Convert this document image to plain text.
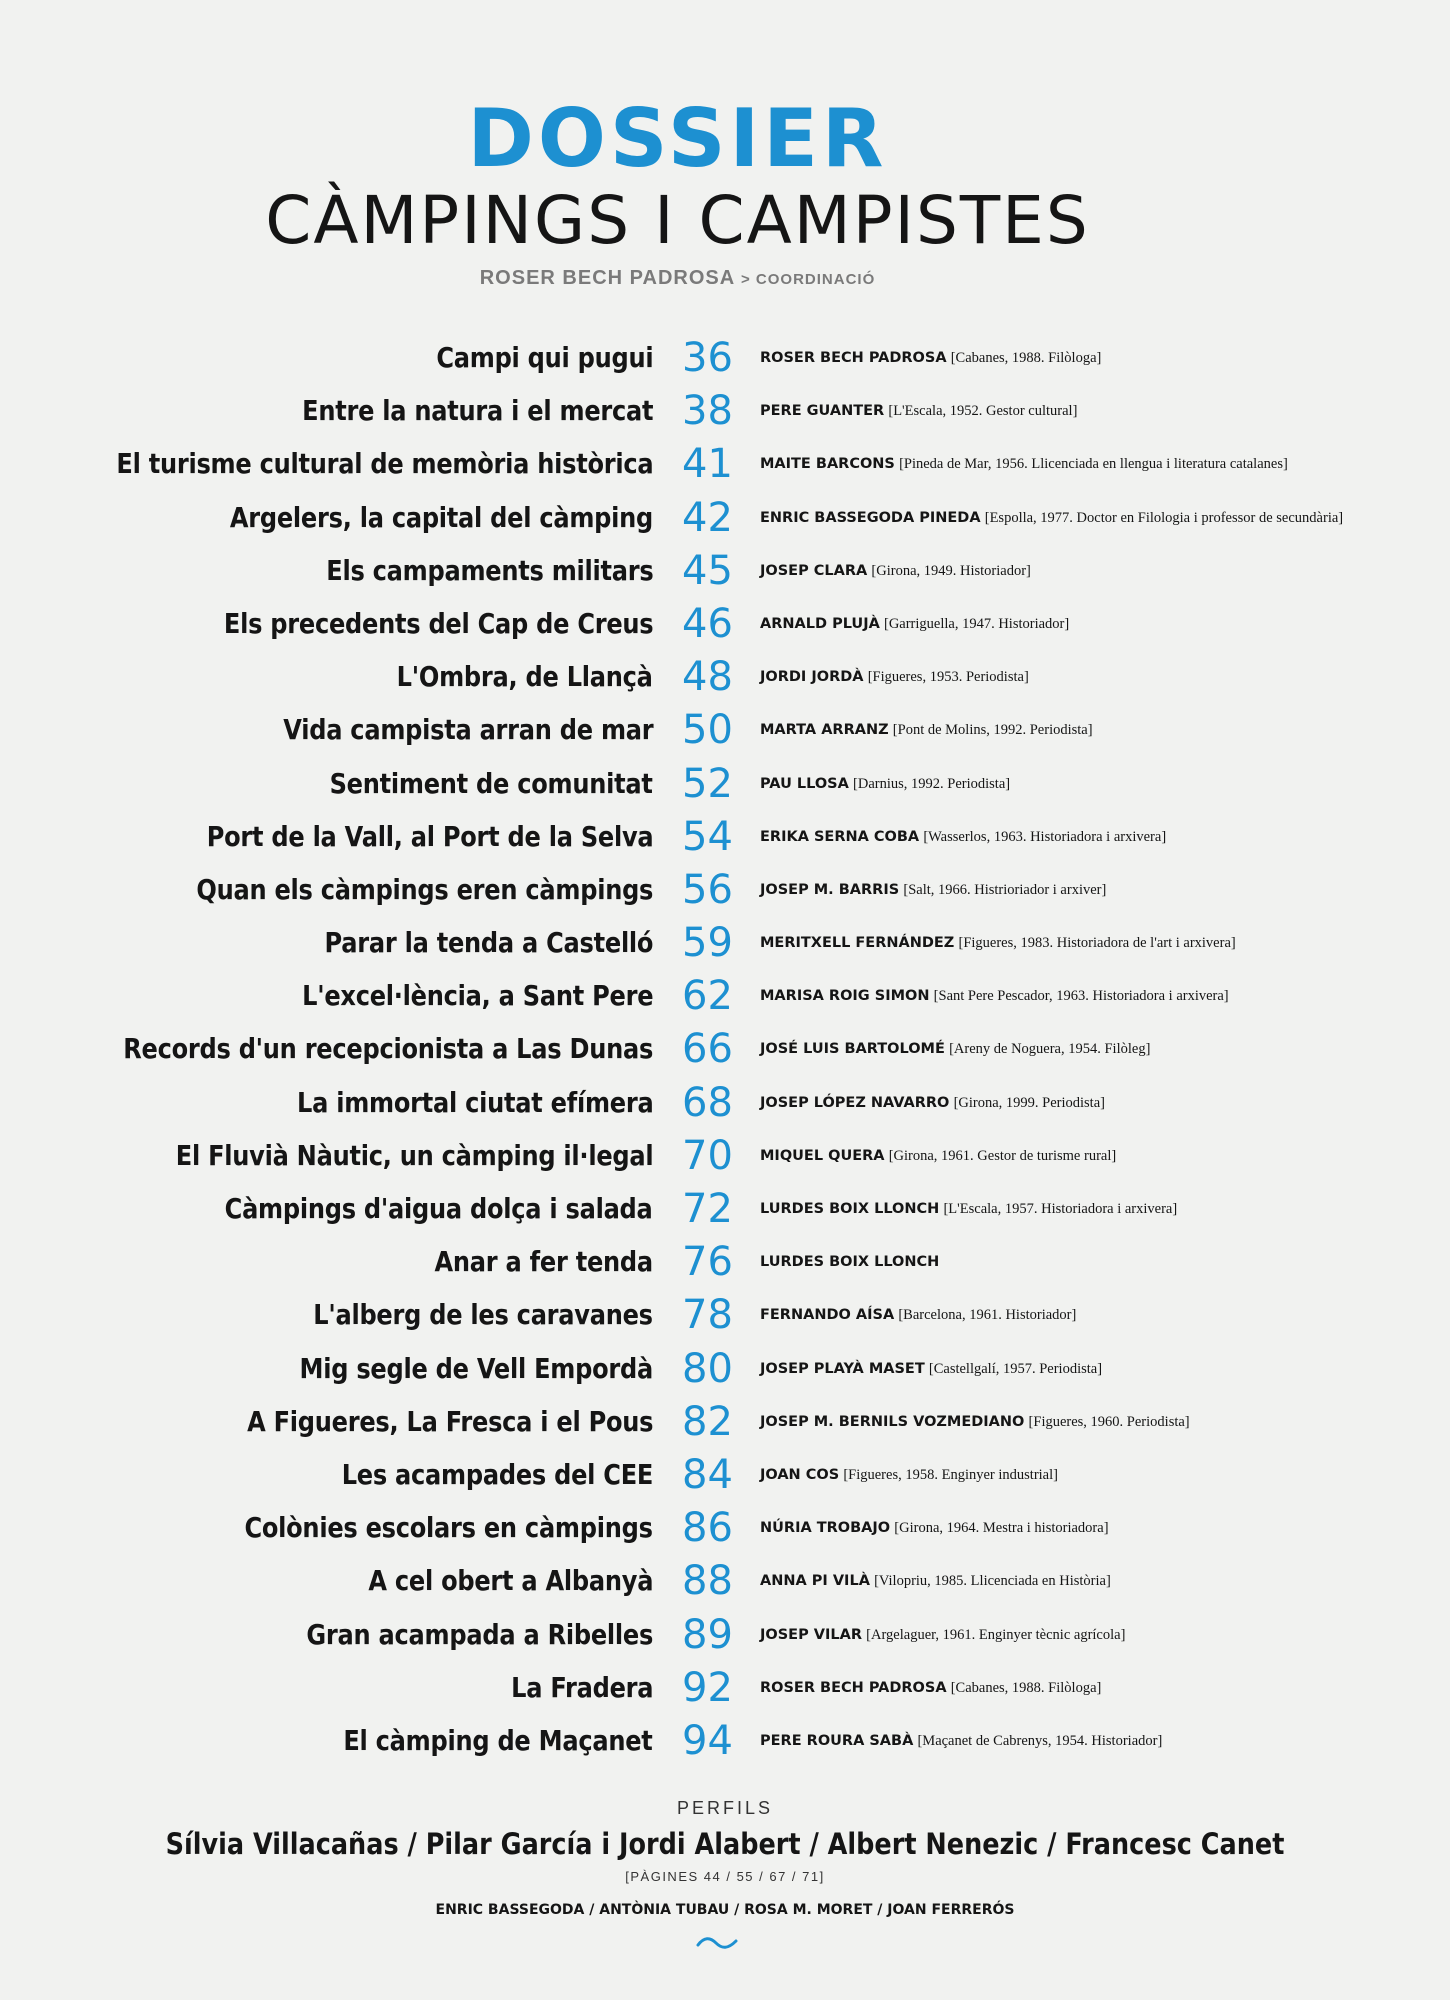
DOSSIER
CÀMPINGS I CAMPISTES
ROSER BECH PADROSA > COORDINACIÓ
Campi qui pugui 36	ROSER BECH PADROSA [Cabanes, 1988. Filòloga]
Entre la natura i el mercat 38	PERE GUANTER [L'Escala, 1952. Gestor cultural]
El turisme cultural de memòria històrica 41	MAITE BARCONS [Pineda de Mar, 1956. Llicenciada en llengua i literatura catalanes]
Argelers, la capital del càmping 42	ENRIC BASSEGODA PINEDA [Espolla, 1977. Doctor en Filologia i professor de secundària]
Els campaments militars 45	JOSEP CLARA [Girona, 1949. Historiador]
Els precedents del Cap de Creus 46	ARNALD PLUJÀ [Garriguella, 1947. Historiador]
L'Ombra, de Llançà 48	JORDI JORDÀ [Figueres, 1953. Periodista]
Vida campista arran de mar 50	MARTA ARRANZ [Pont de Molins, 1992. Periodista]
Sentiment de comunitat 52	PAU LLOSA [Darnius, 1992. Periodista]
Port de la Vall, al Port de la Selva 54	ERIKA SERNA COBA [Wasserlos, 1963. Historiadora i arxivera]
Quan els càmpings eren càmpings 56	JOSEP M. BARRIS [Salt, 1966. Histrioriador i arxiver]
Parar la tenda a Castelló 59	MERITXELL FERNÁNDEZ [Figueres, 1983. Historiadora de l'art i arxivera]
L'excel·lència, a Sant Pere 62	MARISA ROIG SIMON [Sant Pere Pescador, 1963. Historiadora i arxivera]
Records d'un recepcionista a Las Dunas 66	JOSÉ LUIS BARTOLOMÉ [Areny de Noguera, 1954. Filòleg]
La immortal ciutat efímera 68	JOSEP LÓPEZ NAVARRO [Girona, 1999. Periodista]
El Fluvià Nàutic, un càmping il·legal 70	MIQUEL QUERA [Girona, 1961. Gestor de turisme rural]
Càmpings d'aigua dolça i salada 72	LURDES BOIX LLONCH [L'Escala, 1957. Historiadora i arxivera]
Anar a fer tenda 76	LURDES BOIX LLONCH
L'alberg de les caravanes 78	FERNANDO AÍSA [Barcelona, 1961. Historiador]
Mig segle de Vell Empordà 80	JOSEP PLAYÀ MASET [Castellgalí, 1957. Periodista]
A Figueres, La Fresca i el Pous 82	JOSEP M. BERNILS VOZMEDIANO [Figueres, 1960. Periodista]
Les acampades del CEE 84	JOAN COS [Figueres, 1958. Enginyer industrial]
Colònies escolars en càmpings 86	NÚRIA TROBAJO [Girona, 1964. Mestra i historiadora]
A cel obert a Albanyà 88	ANNA PI VILÀ [Vilopriu, 1985. Llicenciada en Història]
Gran acampada a Ribelles 89	JOSEP VILAR [Argelaguer, 1961. Enginyer tècnic agrícola]
La Fradera 92	ROSER BECH PADROSA [Cabanes, 1988. Filòloga]
El càmping de Maçanet 94	PERE ROURA SABÀ [Maçanet de Cabrenys, 1954. Historiador]
PERFILS
Sílvia Villacañas / Pilar García i Jordi Alabert / Albert Nenezic / Francesc Canet
[PÀGINES 44 / 55 / 67 / 71]
ENRIC BASSEGODA / ANTÒNIA TUBAU / ROSA M. MORET / JOAN FERRERÓS
